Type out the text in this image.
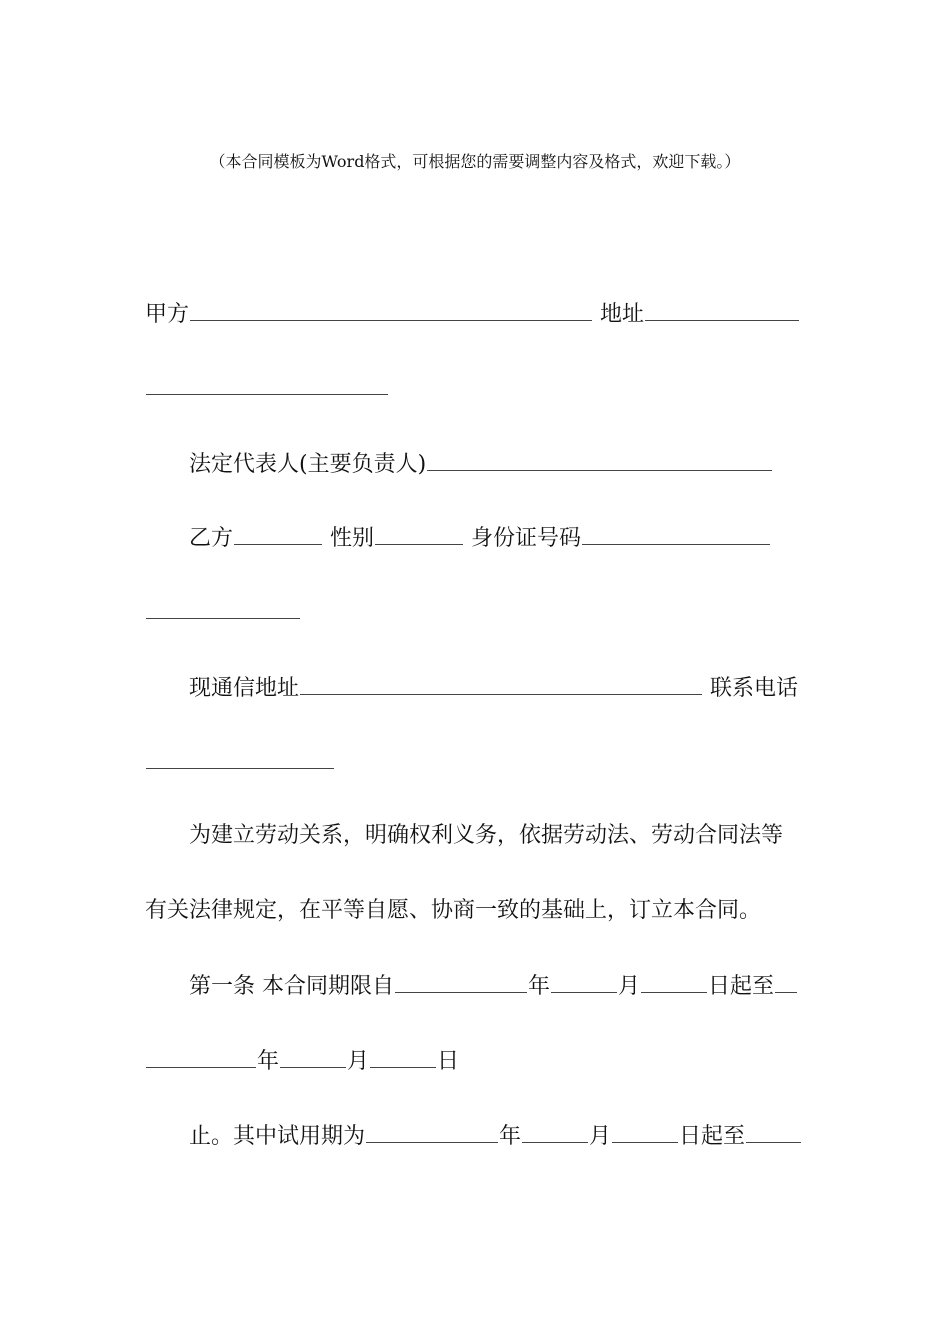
（本合同模板为Word格式，可根据您的需要调整内容及格式，欢迎下载。）
甲方	地址
法定代表人(主要负责人)
乙方	性别	身份证号码
现通信地址	联系电话
为建立劳动关系，明确权利义务，依据劳动法、劳动合同法等
有关法律规定，在平等自愿、协商一致的基础上，订立本合同。
第一条 本合同期限自	年	月	日起至
年	月	日
止。其中试用期为	年	月	日起至
